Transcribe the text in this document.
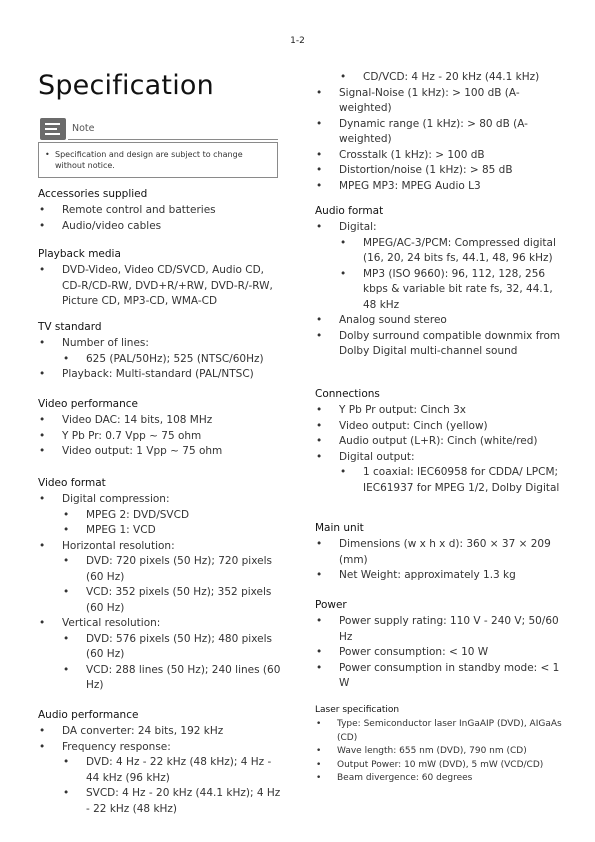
1-2
Specification
Note
• Specification and design are subject to change without notice.
Accessories supplied
• Remote control and batteries
• Audio/video cables
Playback media
• DVD-Video, Video CD/SVCD, Audio CD, CD-R/CD-RW, DVD+R/+RW, DVD-R/-RW, Picture CD, MP3-CD, WMA-CD
TV standard
• Number of lines:
• 625 (PAL/50Hz); 525 (NTSC/60Hz)
• Playback: Multi-standard (PAL/NTSC)
Video performance
• Video DAC: 14 bits, 108 MHz
• Y Pb Pr: 0.7 Vpp ~ 75 ohm
• Video output: 1 Vpp ~ 75 ohm
Video format
• Digital compression:
• MPEG 2: DVD/SVCD
• MPEG 1: VCD
• Horizontal resolution:
• DVD: 720 pixels (50 Hz); 720 pixels (60 Hz)
• VCD: 352 pixels (50 Hz); 352 pixels (60 Hz)
• Vertical resolution:
• DVD: 576 pixels (50 Hz); 480 pixels (60 Hz)
• VCD: 288 lines (50 Hz); 240 lines (60 Hz)
Audio performance
• DA converter: 24 bits, 192 kHz
• Frequency response:
• DVD: 4 Hz - 22 kHz (48 kHz); 4 Hz - 44 kHz (96 kHz)
• SVCD: 4 Hz - 20 kHz (44.1 kHz); 4 Hz - 22 kHz (48 kHz)
• CD/VCD: 4 Hz - 20 kHz (44.1 kHz)
• Signal-Noise (1 kHz): > 100 dB (A-weighted)
• Dynamic range (1 kHz): > 80 dB (A-weighted)
• Crosstalk (1 kHz): > 100 dB
• Distortion/noise (1 kHz): > 85 dB
• MPEG MP3: MPEG Audio L3
Audio format
• Digital:
• MPEG/AC-3/PCM: Compressed digital (16, 20, 24 bits fs, 44.1, 48, 96 kHz)
• MP3 (ISO 9660): 96, 112, 128, 256 kbps & variable bit rate fs, 32, 44.1, 48 kHz
• Analog sound stereo
• Dolby surround compatible downmix from Dolby Digital multi-channel sound
Connections
• Y Pb Pr output: Cinch 3x
• Video output: Cinch (yellow)
• Audio output (L+R): Cinch (white/red)
• Digital output:
• 1 coaxial: IEC60958 for CDDA/ LPCM; IEC61937 for MPEG 1/2, Dolby Digital
Main unit
• Dimensions (w x h x d): 360 × 37 × 209 (mm)
• Net Weight: approximately 1.3 kg
Power
• Power supply rating: 110 V - 240 V; 50/60 Hz
• Power consumption: < 10 W
• Power consumption in standby mode: < 1 W
Laser specification
• Type: Semiconductor laser InGaAIP (DVD), AIGaAs (CD)
• Wave length: 655 nm (DVD), 790 nm (CD)
• Output Power: 10 mW (DVD), 5 mW (VCD/CD)
• Beam divergence: 60 degrees
